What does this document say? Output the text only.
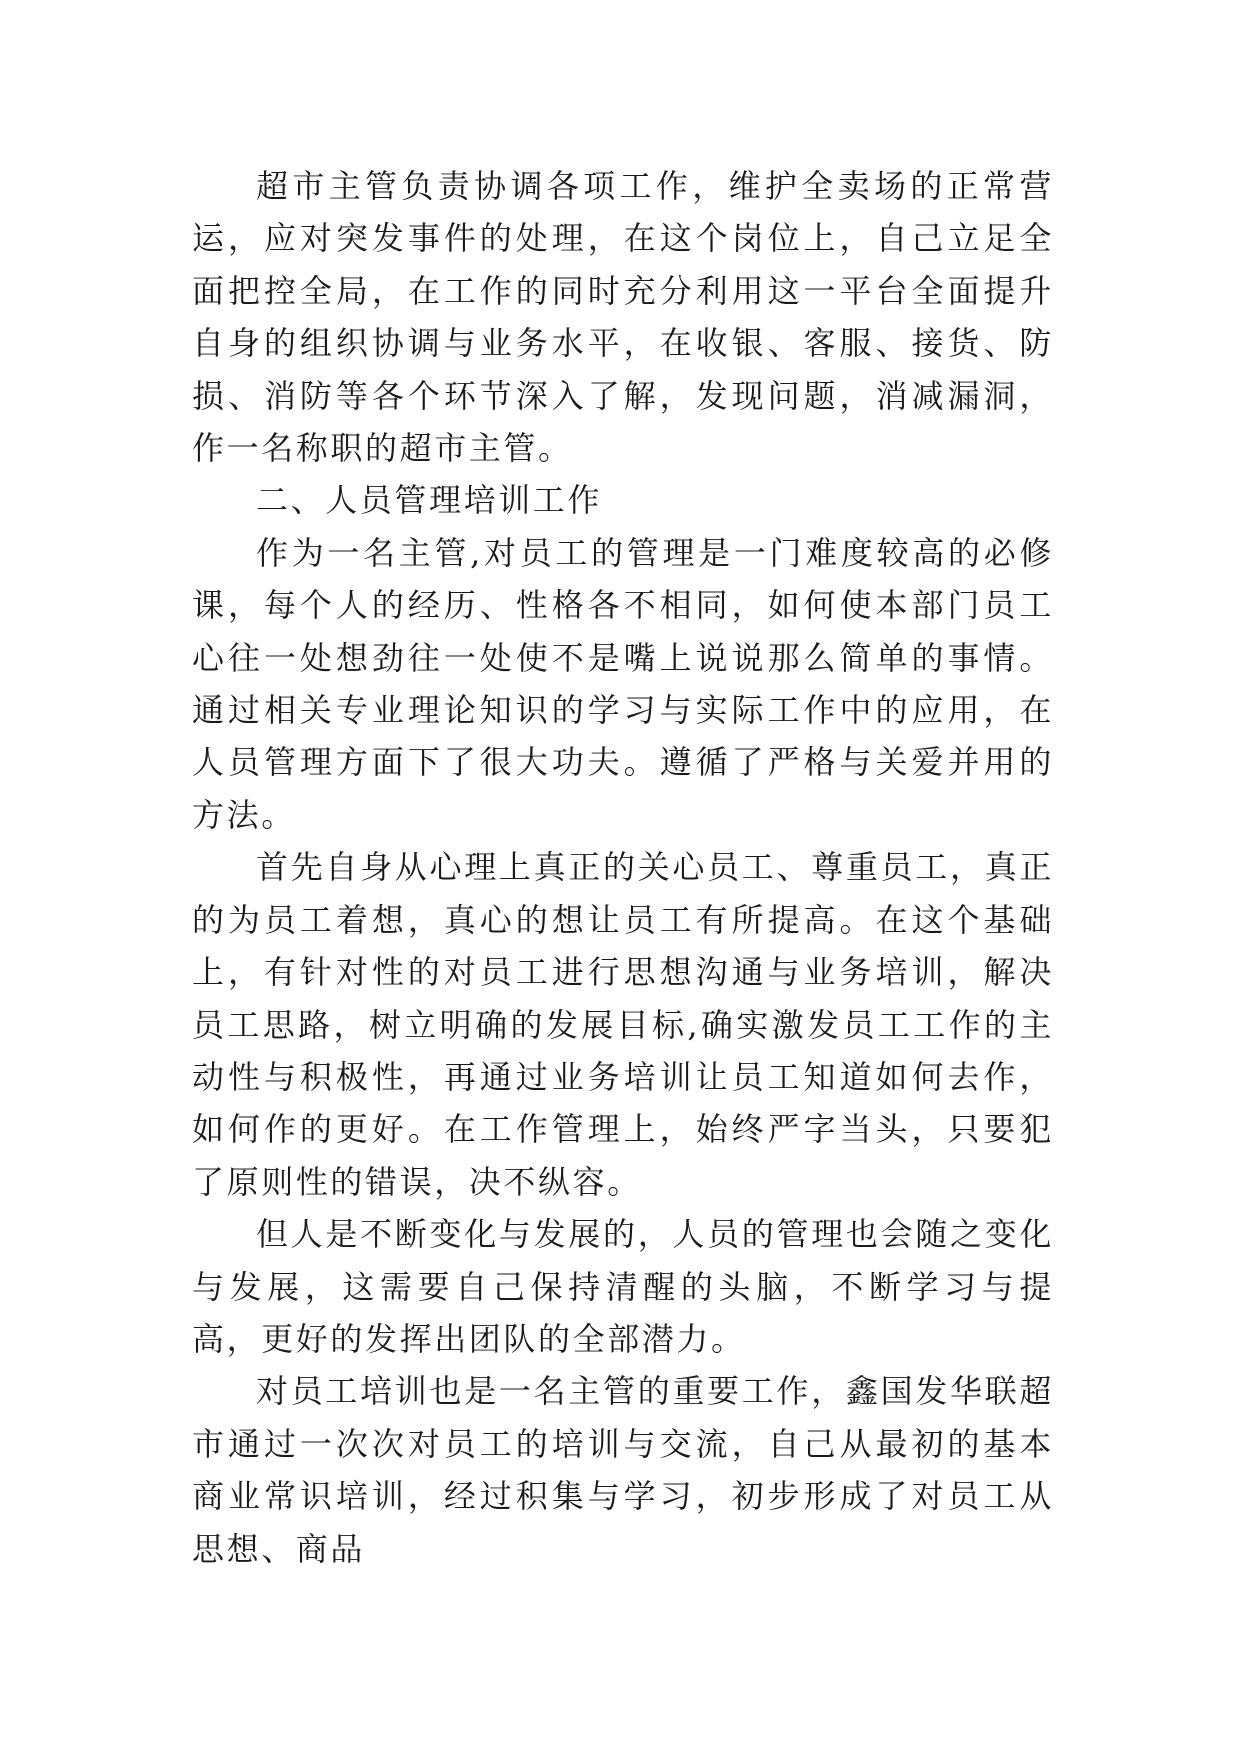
超市主管负责协调各项工作，维护全卖场的正常营运，应对突发事件的处理，在这个岗位上，自己立足全面把控全局，在工作的同时充分利用这一平台全面提升自身的组织协调与业务水平，在收银、客服、接货、防损、消防等各个环节深入了解，发现问题，消减漏洞，作一名称职的超市主管。

二、人员管理培训工作

作为一名主管,对员工的管理是一门难度较高的必修课，每个人的经历、性格各不相同，如何使本部门员工心往一处想劲往一处使不是嘴上说说那么简单的事情。通过相关专业理论知识的学习与实际工作中的应用，在人员管理方面下了很大功夫。遵循了严格与关爱并用的方法。

首先自身从心理上真正的关心员工、尊重员工，真正的为员工着想，真心的想让员工有所提高。在这个基础上，有针对性的对员工进行思想沟通与业务培训，解决员工思路，树立明确的发展目标,确实激发员工工作的主动性与积极性，再通过业务培训让员工知道如何去作，如何作的更好。在工作管理上，始终严字当头，只要犯了原则性的错误，决不纵容。

但人是不断变化与发展的，人员的管理也会随之变化与发展，这需要自己保持清醒的头脑，不断学习与提高，更好的发挥出团队的全部潜力。

对员工培训也是一名主管的重要工作，鑫国发华联超市通过一次次对员工的培训与交流，自己从最初的基本商业常识培训，经过积集与学习，初步形成了对员工从思想、商品
